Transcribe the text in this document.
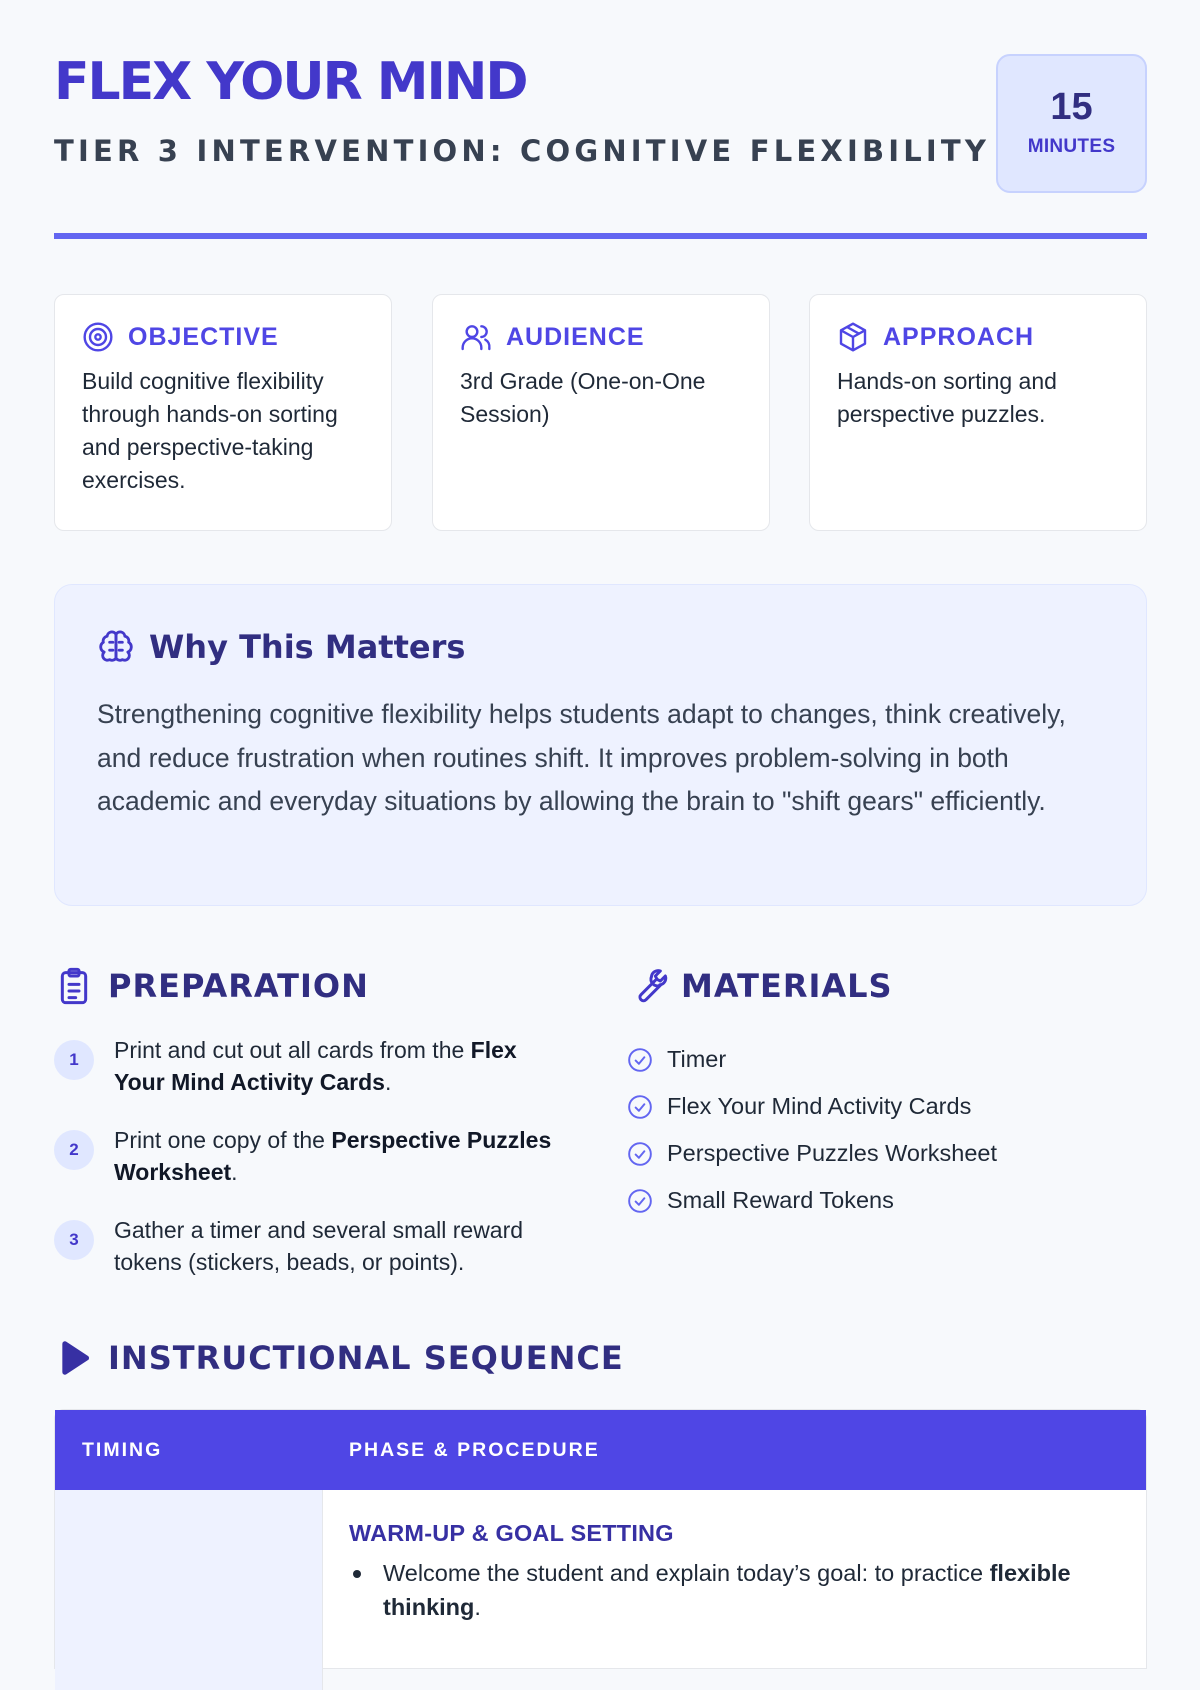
FLEX YOUR MIND
TIER 3 INTERVENTION: COGNITIVE FLEXIBILITY
15
MINUTES
OBJECTIVE
Build cognitive flexibility through hands-on sorting and perspective-taking exercises.
AUDIENCE
3rd Grade (One-on-One Session)
APPROACH
Hands-on sorting and perspective puzzles.
Why This Matters

Strengthening cognitive flexibility helps students adapt to changes, think creatively, and reduce frustration when routines shift. It improves problem-solving in both academic and everyday situations by allowing the brain to "shift gears" efficiently.

PREPARATION
1	Print and cut out all cards from the Flex Your Mind Activity Cards.
2	Print one copy of the Perspective Puzzles Worksheet.
3	Gather a timer and several small reward tokens (stickers, beads, or points).
MATERIALS
Timer
Flex Your Mind Activity Cards
Perspective Puzzles Worksheet
Small Reward Tokens
INSTRUCTIONAL SEQUENCE
TIMING	PHASE & PROCEDURE
WARM-UP & GOAL SETTING
Welcome the student and explain today’s goal: to practice flexible thinking.
